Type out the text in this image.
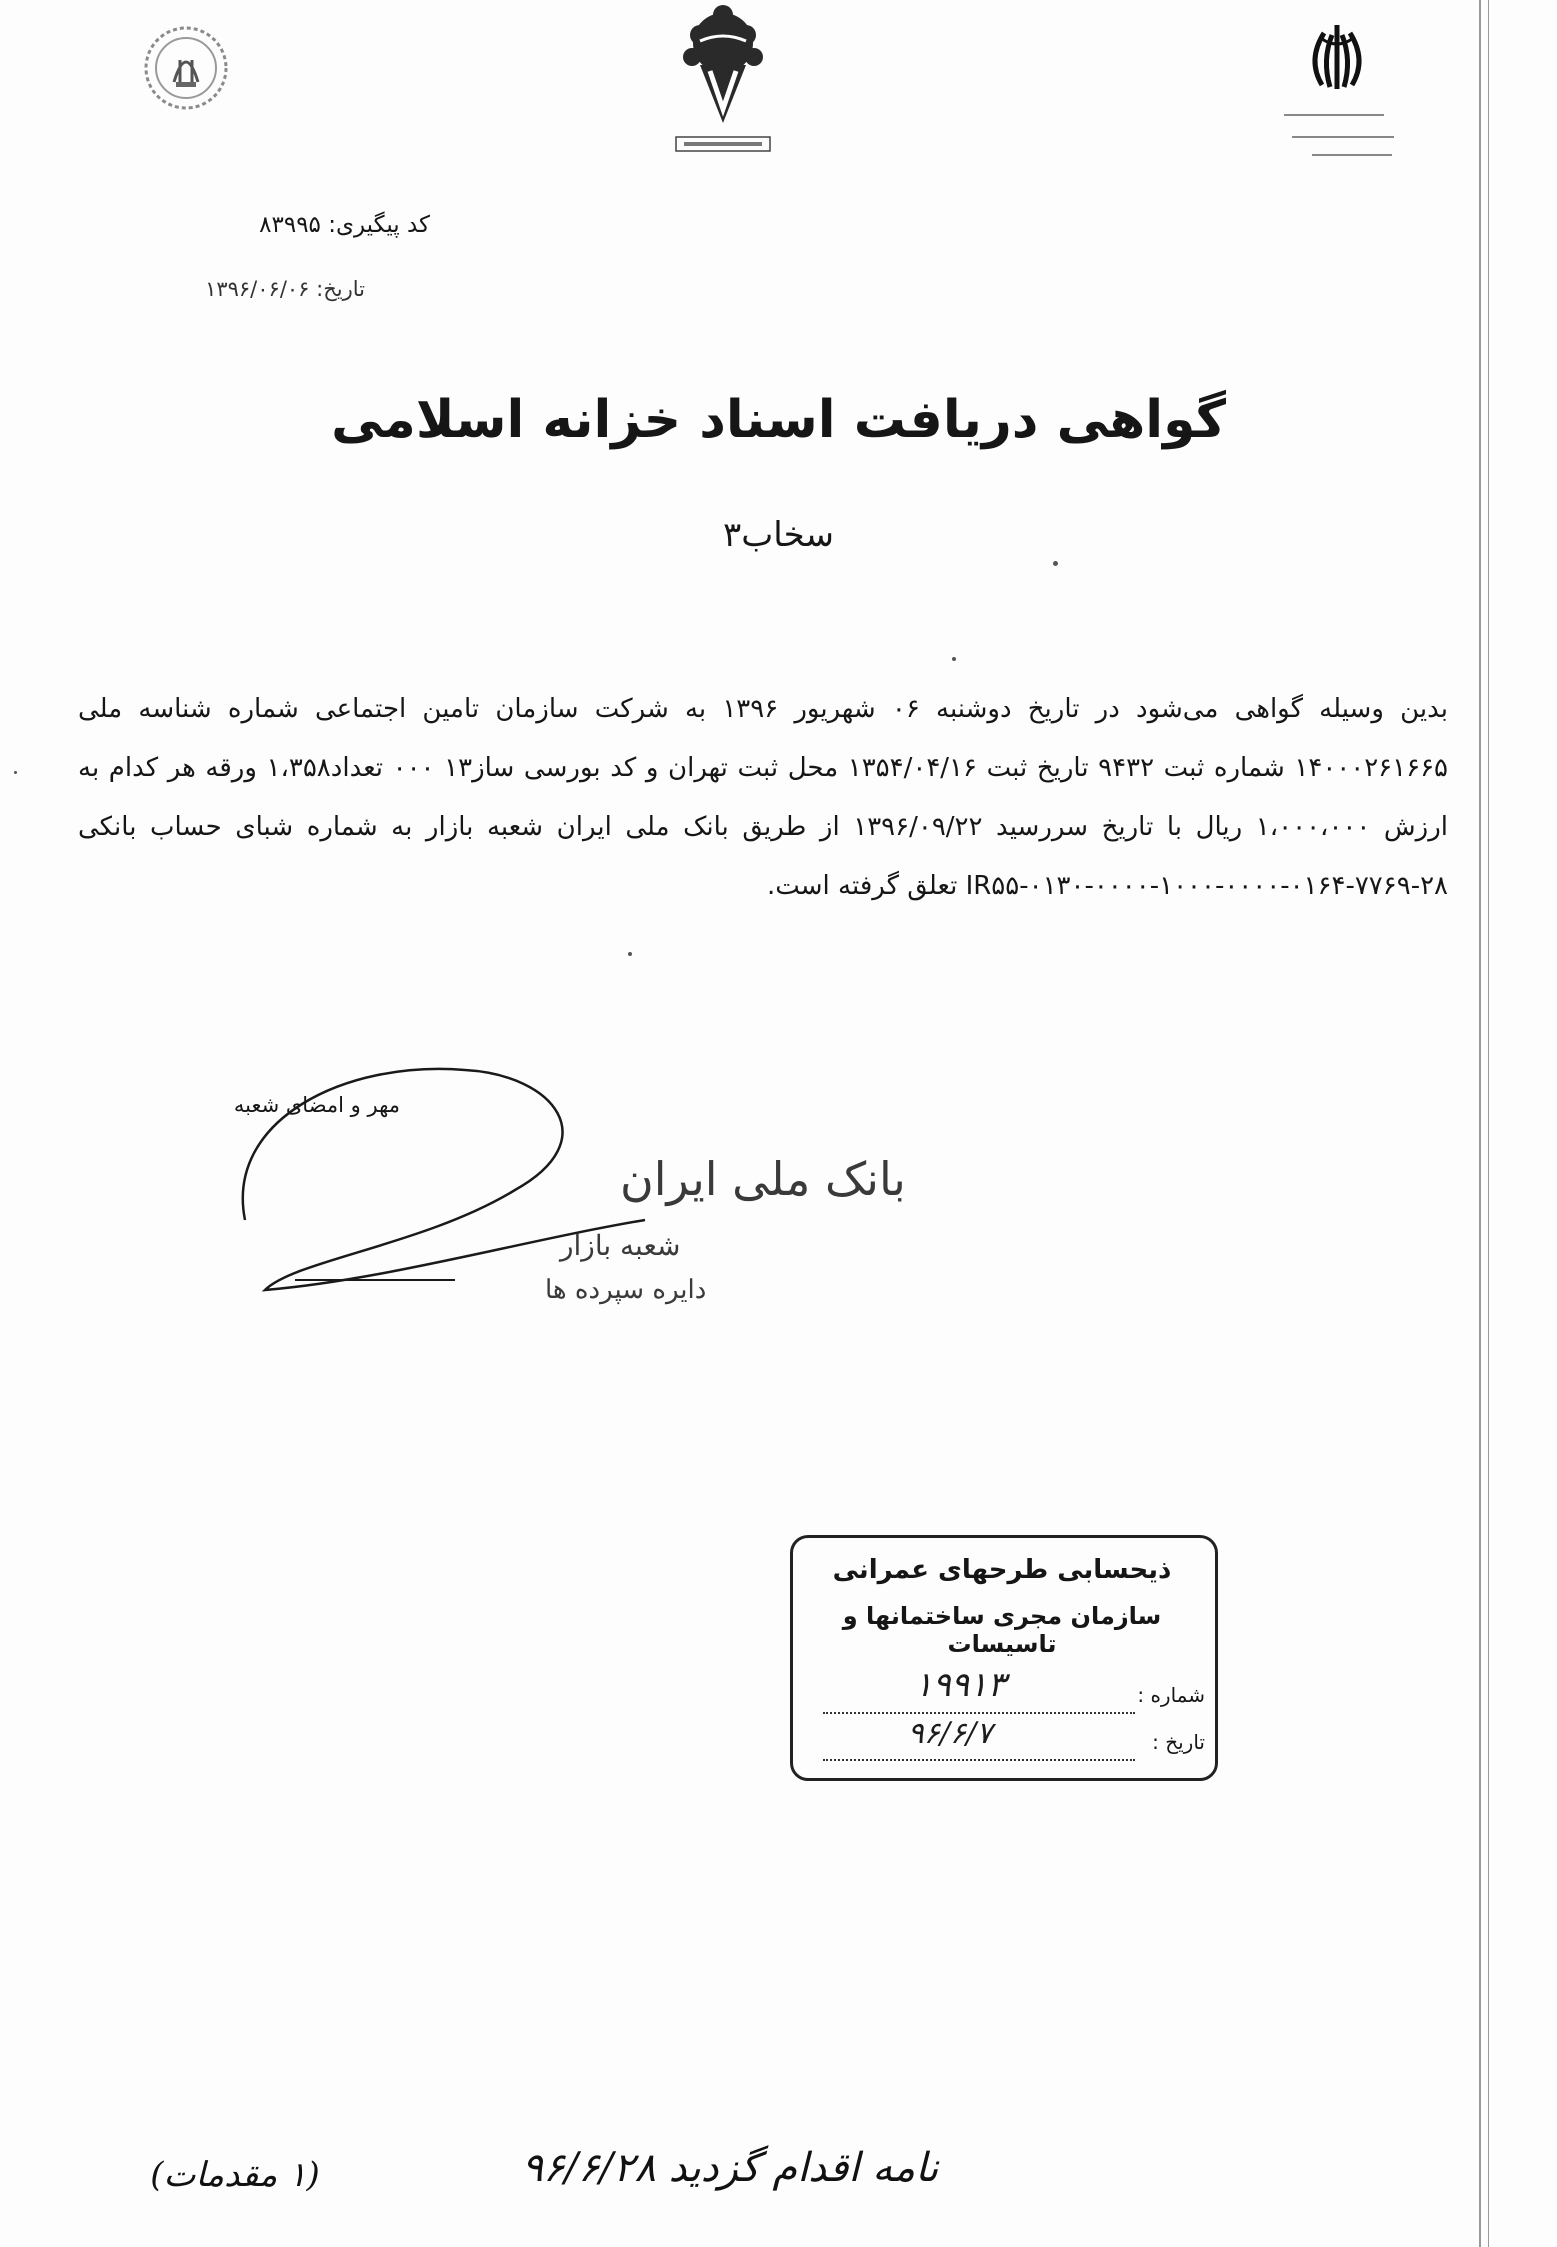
کد پیگیری: ۸۳۹۹۵
تاریخ: ۱۳۹۶/۰۶/۰۶
گواهی دریافت اسناد خزانه اسلامی
سخاب۳
بدین وسیله گواهی می‌شود در تاریخ دوشنبه ۰۶ شهریور ۱۳۹۶ به شرکت سازمان تامین اجتماعی شماره شناسه ملی ۱۴۰۰۰۲۶۱۶۶۵ شماره ثبت ۹۴۳۲ تاریخ ثبت ۱۳۵۴/۰۴/۱۶ محل ثبت تهران و کد بورسی ساز۱۳ ۰۰۰ تعداد۱،۳۵۸ ورقه هر کدام به ارزش ۱،۰۰۰،۰۰۰ ریال با تاریخ سررسید ۱۳۹۶/۰۹/۲۲ از طریق بانک ملی ایران شعبه بازار به شماره شبای حساب بانکی IR۵۵-۰۱۳۰-۰۰۰۰-۱۰۰۰-۰۰۰۰-۰۱۶۴-۷۷۶۹-۲۸ تعلق گرفته است.
مهر و امضای شعبه
بانک ملی ایران
شعبه بازار
دایره سپرده ها
ذیحسابی طرحهای عمرانی
سازمان مجری ساختمانها و تاسیسات
شماره :
۱۹۹۱۳
تاریخ :
۹۶/۶/۷
نامه اقدام گزدید ۹۶/۶/۲۸
(۱ مقدمات)
